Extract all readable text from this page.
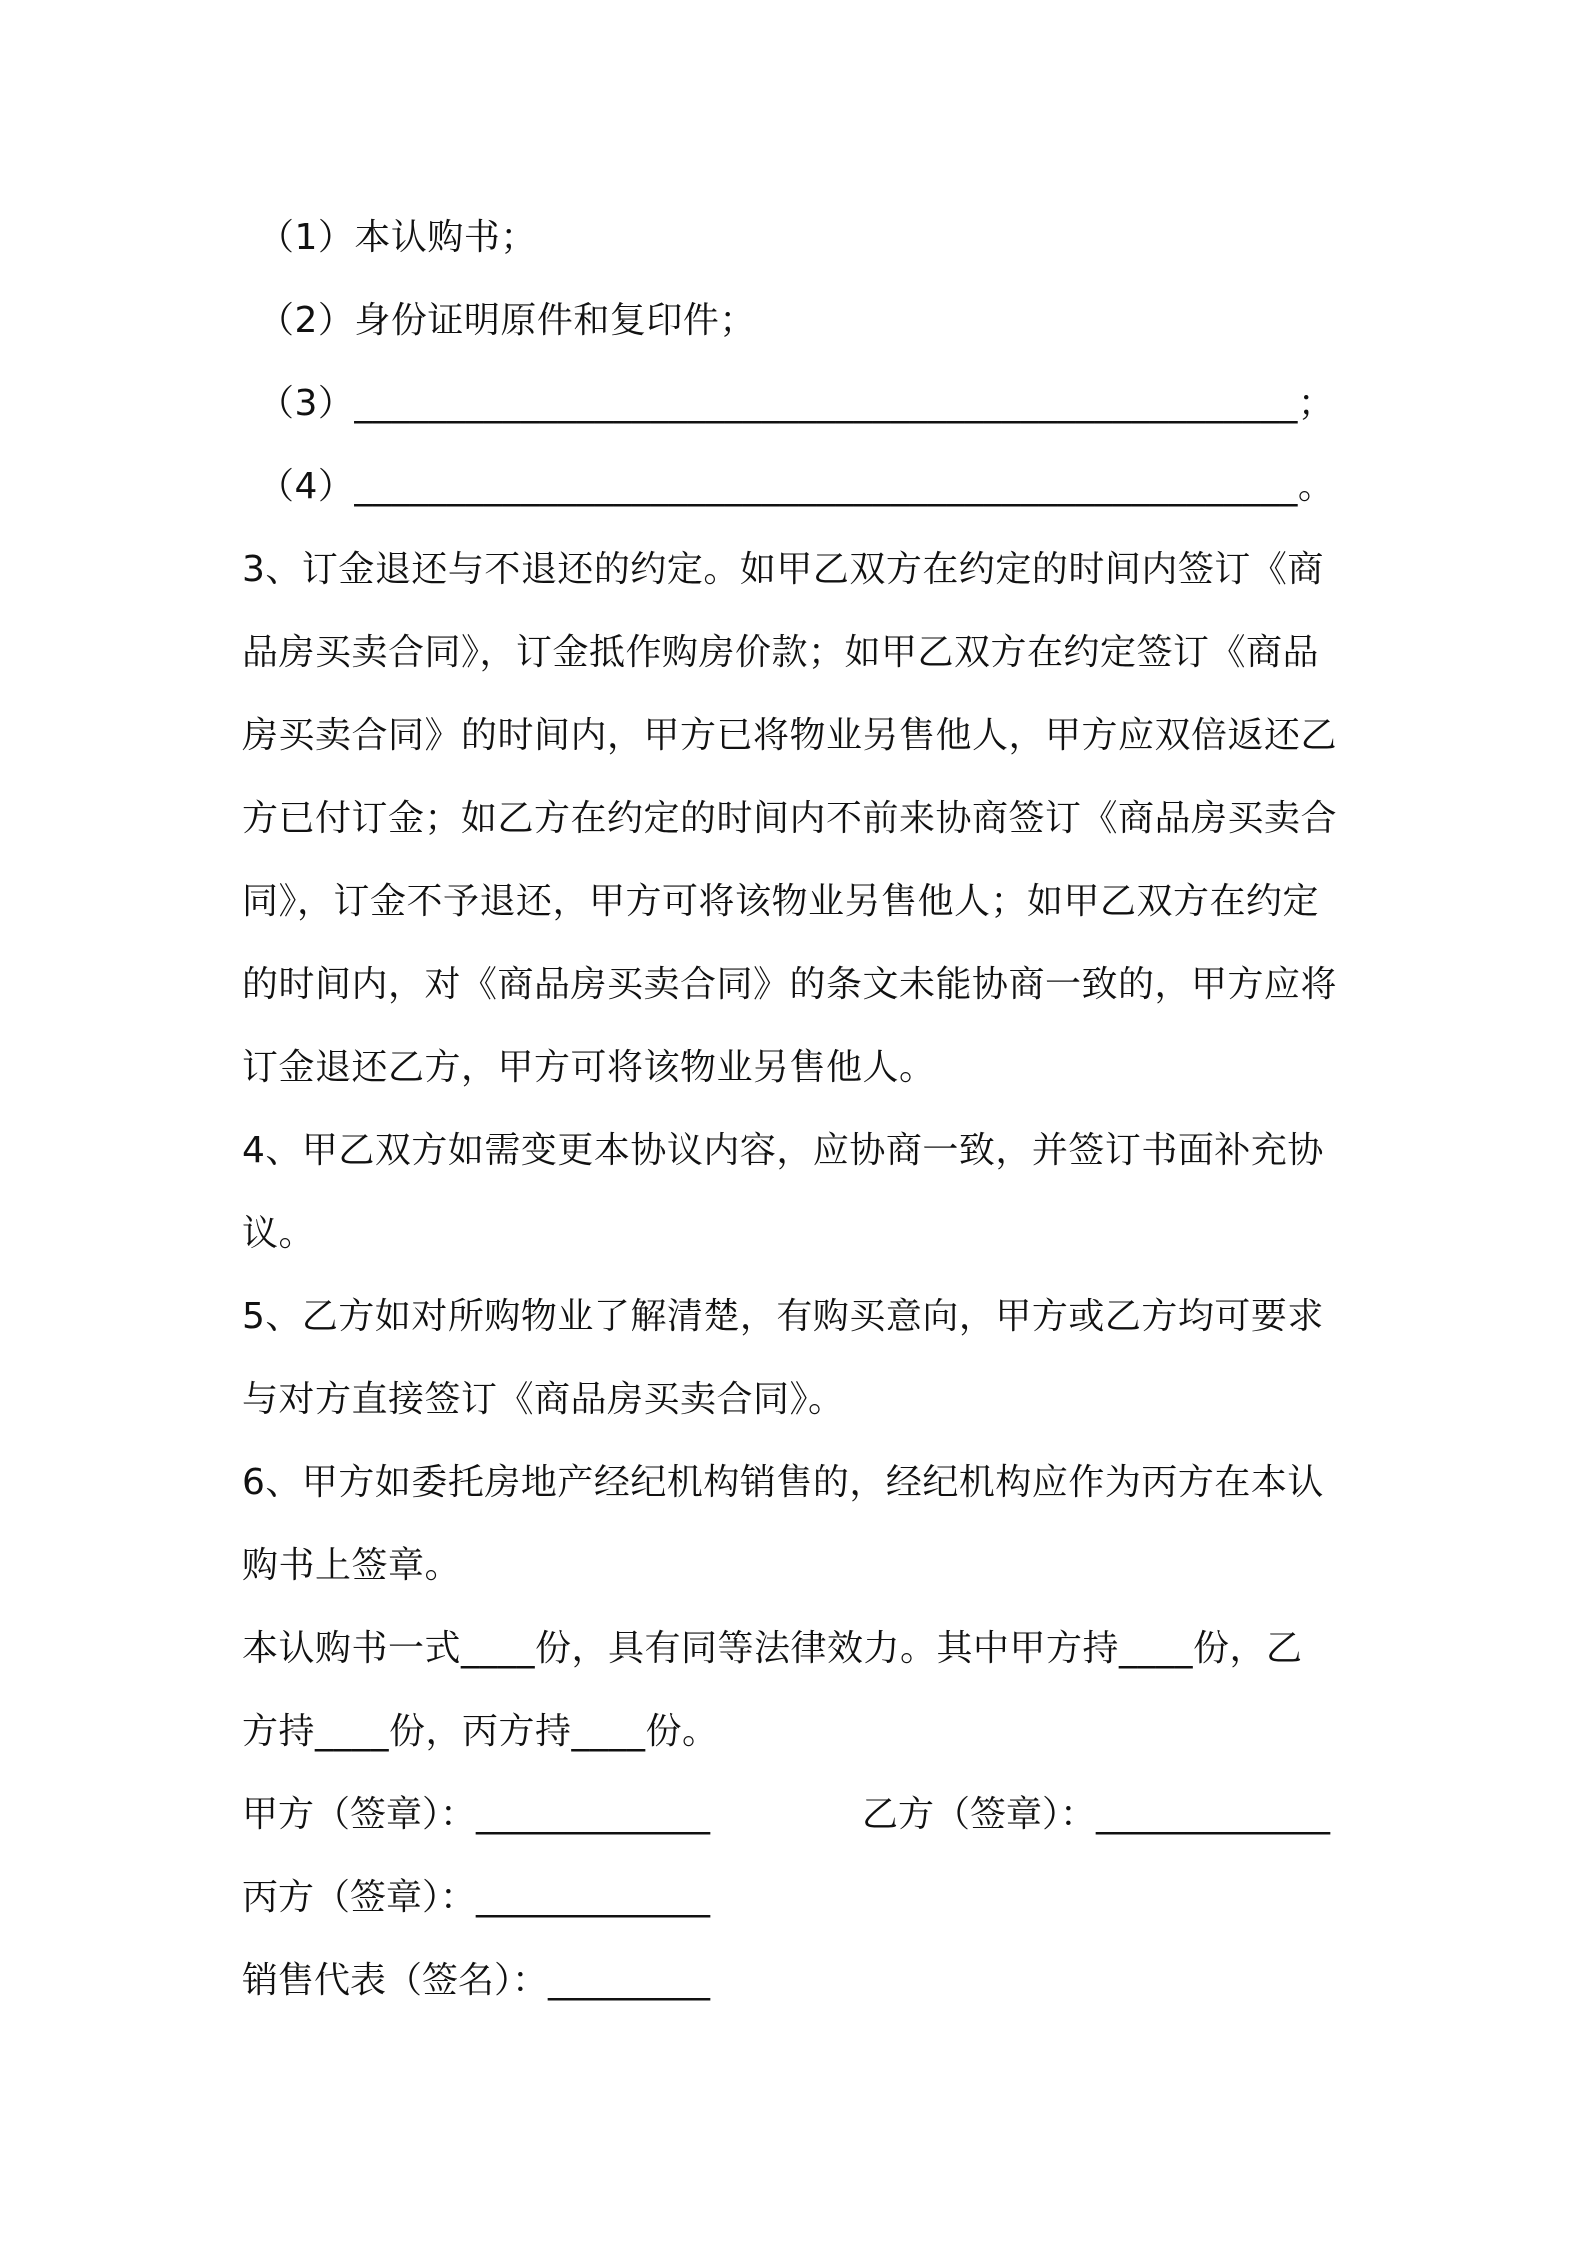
（1）本认购书；
（2）身份证明原件和复印件；
（3）___________________________________________________；
（4）___________________________________________________。
3、订金退还与不退还的约定。如甲乙双方在约定的时间内签订《商
品房买卖合同》，订金抵作购房价款；如甲乙双方在约定签订《商品
房买卖合同》的时间内，甲方已将物业另售他人，甲方应双倍返还乙
方已付订金；如乙方在约定的时间内不前来协商签订《商品房买卖合
同》，订金不予退还，甲方可将该物业另售他人；如甲乙双方在约定
的时间内，对《商品房买卖合同》的条文未能协商一致的，甲方应将
订金退还乙方，甲方可将该物业另售他人。
4、甲乙双方如需变更本协议内容，应协商一致，并签订书面补充协
议。
5、乙方如对所购物业了解清楚，有购买意向，甲方或乙方均可要求
与对方直接签订《商品房买卖合同》。
6、甲方如委托房地产经纪机构销售的，经纪机构应作为丙方在本认
购书上签章。
本认购书一式____份，具有同等法律效力。其中甲方持____份，乙
方持____份，丙方持____份。
甲方（签章）：_____________	乙方（签章）：_____________
丙方（签章）：_____________
销售代表（签名）：_________
